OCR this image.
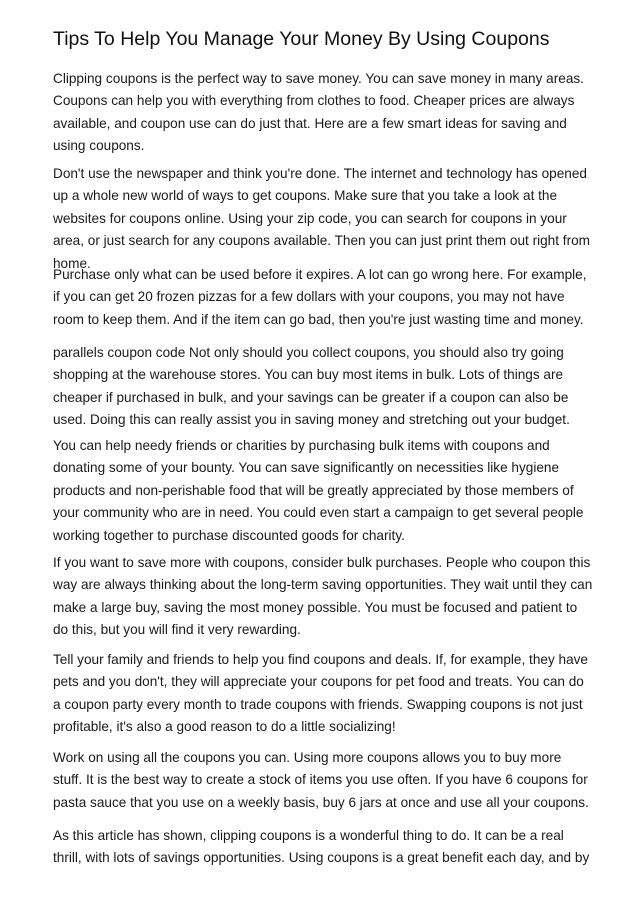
Tips To Help You Manage Your Money By Using Coupons

Clipping coupons is the perfect way to save money. You can save money in many areas. Coupons can help you with everything from clothes to food. Cheaper prices are always available, and coupon use can do just that. Here are a few smart ideas for saving and using coupons.

Don't use the newspaper and think you're done. The internet and technology has opened up a whole new world of ways to get coupons. Make sure that you take a look at the websites for coupons online. Using your zip code, you can search for coupons in your area, or just search for any coupons available. Then you can just print them out right from home.

Purchase only what can be used before it expires. A lot can go wrong here. For example, if you can get 20 frozen pizzas for a few dollars with your coupons, you may not have room to keep them. And if the item can go bad, then you're just wasting time and money.

parallels coupon code Not only should you collect coupons, you should also try going shopping at the warehouse stores. You can buy most items in bulk. Lots of things are cheaper if purchased in bulk, and your savings can be greater if a coupon can also be used. Doing this can really assist you in saving money and stretching out your budget.

You can help needy friends or charities by purchasing bulk items with coupons and donating some of your bounty. You can save significantly on necessities like hygiene products and non-perishable food that will be greatly appreciated by those members of your community who are in need. You could even start a campaign to get several people working together to purchase discounted goods for charity.

If you want to save more with coupons, consider bulk purchases. People who coupon this way are always thinking about the long-term saving opportunities. They wait until they can make a large buy, saving the most money possible. You must be focused and patient to do this, but you will find it very rewarding.

Tell your family and friends to help you find coupons and deals. If, for example, they have pets and you don't, they will appreciate your coupons for pet food and treats. You can do a coupon party every month to trade coupons with friends. Swapping coupons is not just profitable, it's also a good reason to do a little socializing!

Work on using all the coupons you can. Using more coupons allows you to buy more stuff. It is the best way to create a stock of items you use often. If you have 6 coupons for pasta sauce that you use on a weekly basis, buy 6 jars at once and use all your coupons.

As this article has shown, clipping coupons is a wonderful thing to do. It can be a real thrill, with lots of savings opportunities. Using coupons is a great benefit each day, and by
